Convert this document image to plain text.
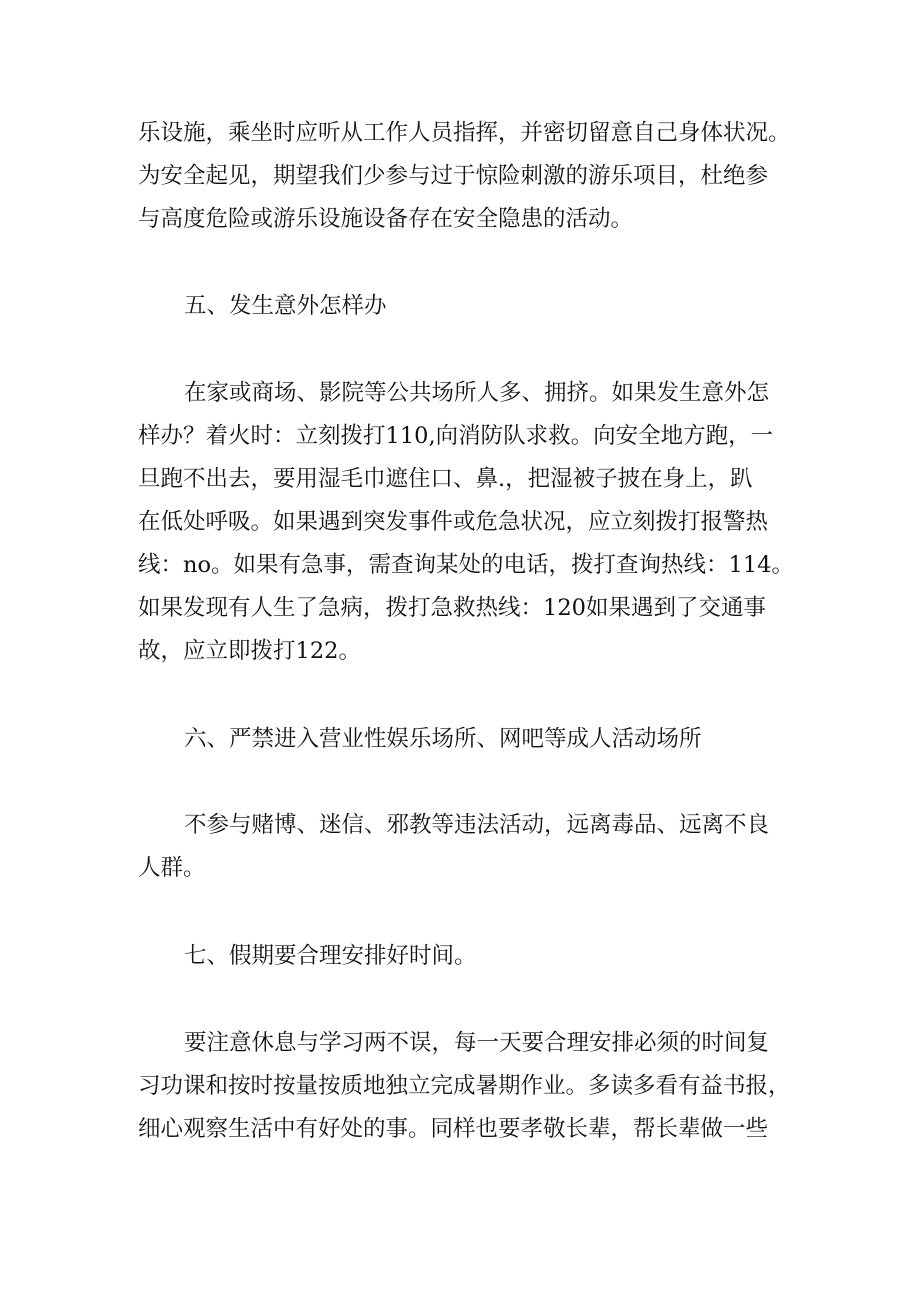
乐设施，乘坐时应听从工作人员指挥，并密切留意自己身体状况。
为安全起见，期望我们少参与过于惊险刺激的游乐项目，杜绝参
与高度危险或游乐设施设备存在安全隐患的活动。
五、发生意外怎样办
在家或商场、影院等公共场所人多、拥挤。如果发生意外怎
样办？着火时：立刻拨打110,向消防队求救。向安全地方跑，一
旦跑不出去，要用湿毛巾遮住口、鼻.，把湿被子披在身上，趴
在低处呼吸。如果遇到突发事件或危急状况，应立刻拨打报警热
线：no。如果有急事，需查询某处的电话，拨打查询热线：114。
如果发现有人生了急病，拨打急救热线：120如果遇到了交通事
故，应立即拨打122。
六、严禁进入营业性娱乐场所、网吧等成人活动场所
不参与赌博、迷信、邪教等违法活动，远离毒品、远离不良
人群。
七、假期要合理安排好时间。
要注意休息与学习两不误，每一天要合理安排必须的时间复
习功课和按时按量按质地独立完成暑期作业。多读多看有益书报，
细心观察生活中有好处的事。同样也要孝敬长辈，帮长辈做一些
